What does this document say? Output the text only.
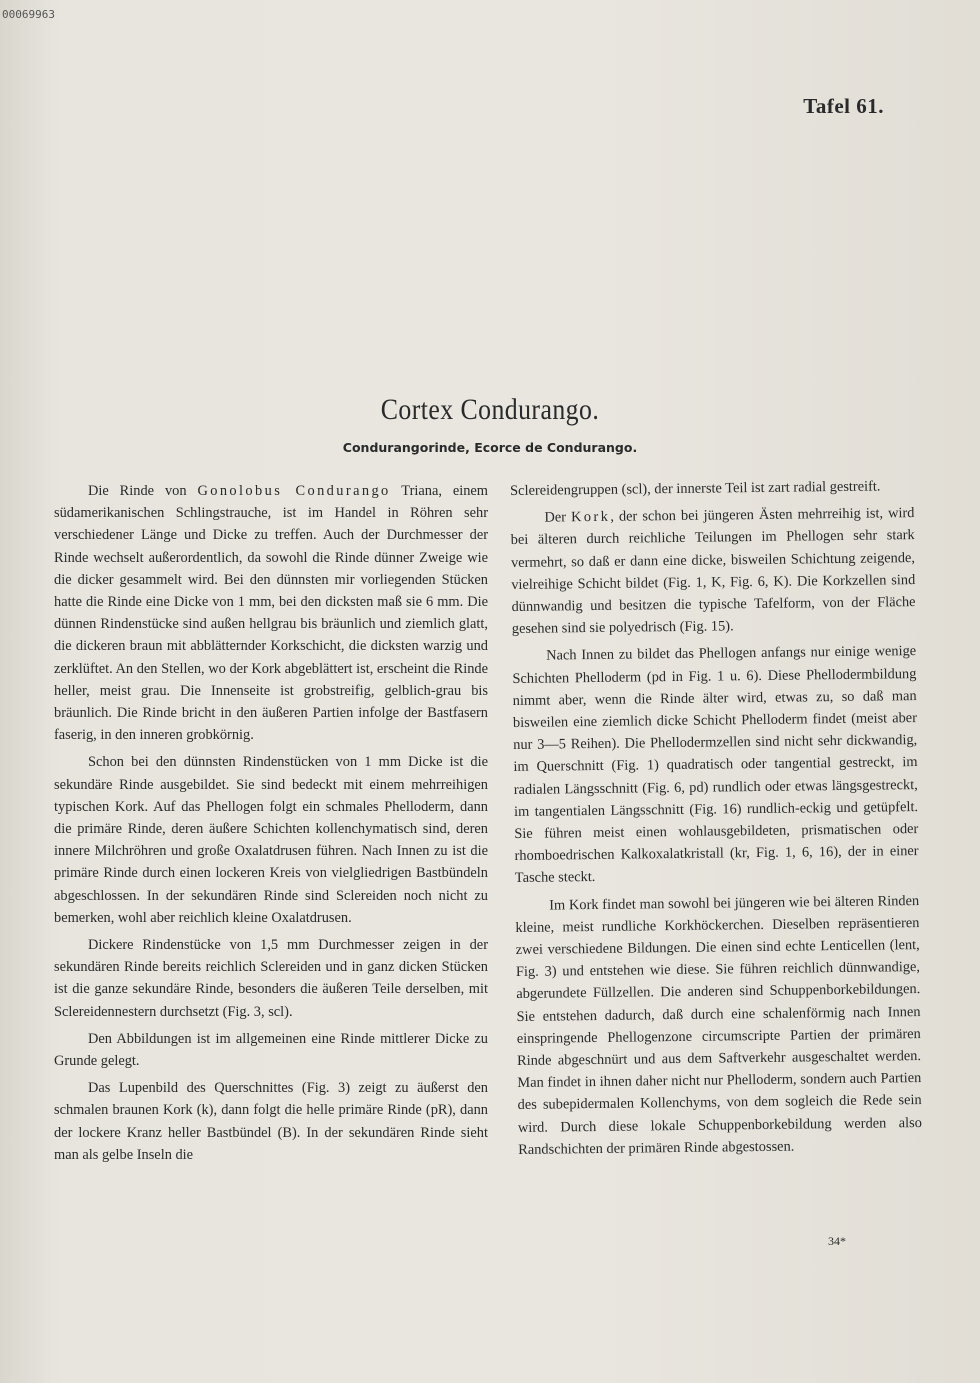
00069963
Tafel 61.
Cortex Condurango.
Condurangorinde, Ecorce de Condurango.

Die Rinde von Gonolobus Condurango Triana, einem südamerikanischen Schlingstrauche, ist im Handel in Röhren sehr verschiedener Länge und Dicke zu treffen. Auch der Durchmesser der Rinde wechselt außerordentlich, da sowohl die Rinde dünner Zweige wie die dicker gesammelt wird. Bei den dünnsten mir vorliegenden Stücken hatte die Rinde eine Dicke von 1 mm, bei den dicksten maß sie 6 mm. Die dünnen Rindenstücke sind außen hellgrau bis bräunlich und ziemlich glatt, die dickeren braun mit abblätternder Korkschicht, die dicksten warzig und zerklüftet. An den Stellen, wo der Kork abgeblättert ist, erscheint die Rinde heller, meist grau. Die Innenseite ist grobstreifig, gelblich-grau bis bräunlich. Die Rinde bricht in den äußeren Partien infolge der Bastfasern faserig, in den inneren grobkörnig.

Schon bei den dünnsten Rindenstücken von 1 mm Dicke ist die sekundäre Rinde ausgebildet. Sie sind bedeckt mit einem mehrreihigen typischen Kork. Auf das Phellogen folgt ein schmales Phelloderm, dann die primäre Rinde, deren äußere Schichten kollenchymatisch sind, deren innere Milchröhren und große Oxalatdrusen führen. Nach Innen zu ist die primäre Rinde durch einen lockeren Kreis von vielgliedrigen Bastbündeln abgeschlossen. In der sekundären Rinde sind Sclereiden noch nicht zu bemerken, wohl aber reichlich kleine Oxalatdrusen.

Dickere Rindenstücke von 1,5 mm Durchmesser zeigen in der sekundären Rinde bereits reichlich Sclereiden und in ganz dicken Stücken ist die ganze sekundäre Rinde, besonders die äußeren Teile derselben, mit Sclereidennestern durchsetzt (Fig. 3, scl).

Den Abbildungen ist im allgemeinen eine Rinde mittlerer Dicke zu Grunde gelegt.

Das Lupenbild des Querschnittes (Fig. 3) zeigt zu äußerst den schmalen braunen Kork (k), dann folgt die helle primäre Rinde (pR), dann der lockere Kranz heller Bastbündel (B). In der sekundären Rinde sieht man als gelbe Inseln die

Sclereidengruppen (scl), der innerste Teil ist zart radial gestreift.

Der Kork, der schon bei jüngeren Ästen mehrreihig ist, wird bei älteren durch reichliche Teilungen im Phellogen sehr stark vermehrt, so daß er dann eine dicke, bisweilen Schichtung zeigende, vielreihige Schicht bildet (Fig. 1, K, Fig. 6, K). Die Korkzellen sind dünnwandig und besitzen die typische Tafelform, von der Fläche gesehen sind sie polyedrisch (Fig. 15).

Nach Innen zu bildet das Phellogen anfangs nur einige wenige Schichten Phelloderm (pd in Fig. 1 u. 6). Diese Phellodermbildung nimmt aber, wenn die Rinde älter wird, etwas zu, so daß man bisweilen eine ziemlich dicke Schicht Phelloderm findet (meist aber nur 3—5 Reihen). Die Phellodermzellen sind nicht sehr dickwandig, im Querschnitt (Fig. 1) quadratisch oder tangential gestreckt, im radialen Längsschnitt (Fig. 6, pd) rundlich oder etwas längsgestreckt, im tangentialen Längsschnitt (Fig. 16) rundlich-eckig und getüpfelt. Sie führen meist einen wohlausgebildeten, prismatischen oder rhomboedrischen Kalkoxalatkristall (kr, Fig. 1, 6, 16), der in einer Tasche steckt.

Im Kork findet man sowohl bei jüngeren wie bei älteren Rinden kleine, meist rundliche Korkhöckerchen. Dieselben repräsentieren zwei verschiedene Bildungen. Die einen sind echte Lenticellen (lent, Fig. 3) und entstehen wie diese. Sie führen reichlich dünnwandige, abgerundete Füllzellen. Die anderen sind Schuppenborkebildungen. Sie entstehen dadurch, daß durch eine schalenförmig nach Innen einspringende Phellogenzone circumscripte Partien der primären Rinde abgeschnürt und aus dem Saftverkehr ausgeschaltet werden. Man findet in ihnen daher nicht nur Phelloderm, sondern auch Partien des subepidermalen Kollenchyms, von dem sogleich die Rede sein wird. Durch diese lokale Schuppenborkebildung werden also Randschichten der primären Rinde abgestossen.

34*
